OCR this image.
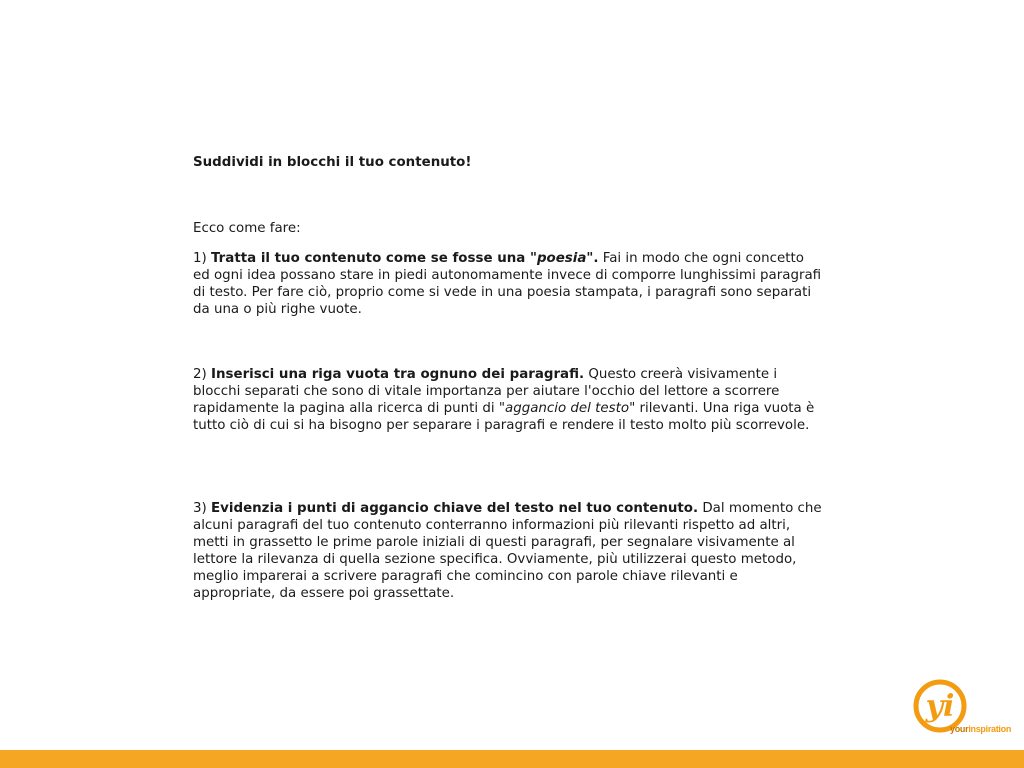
Suddividi in blocchi il tuo contenuto!

Ecco come fare:

1) Tratta il tuo contenuto come se fosse una "poesia". Fai in modo che ogni concetto ed ogni idea possano stare in piedi autonomamente invece di comporre lunghissimi paragrafi di testo. Per fare ciò, proprio come si vede in una poesia stampata, i paragrafi sono separati da una o più righe vuote.

2) Inserisci una riga vuota tra ognuno dei paragrafi. Questo creerà visivamente i blocchi separati che sono di vitale importanza per aiutare l'occhio del lettore a scorrere rapidamente la pagina alla ricerca di punti di "aggancio del testo" rilevanti. Una riga vuota è tutto ciò di cui si ha bisogno per separare i paragrafi e rendere il testo molto più scorrevole.

3) Evidenzia i punti di aggancio chiave del testo nel tuo contenuto. Dal momento che alcuni paragrafi del tuo contenuto conterranno informazioni più rilevanti rispetto ad altri, metti in grassetto le prime parole iniziali di questi paragrafi, per segnalare visivamente al lettore la rilevanza di quella sezione specifica. Ovviamente, più utilizzerai questo metodo, meglio imparerai a scrivere paragrafi che comincino con parole chiave rilevanti e appropriate, da essere poi grassettate.

yi
yourinspiration
